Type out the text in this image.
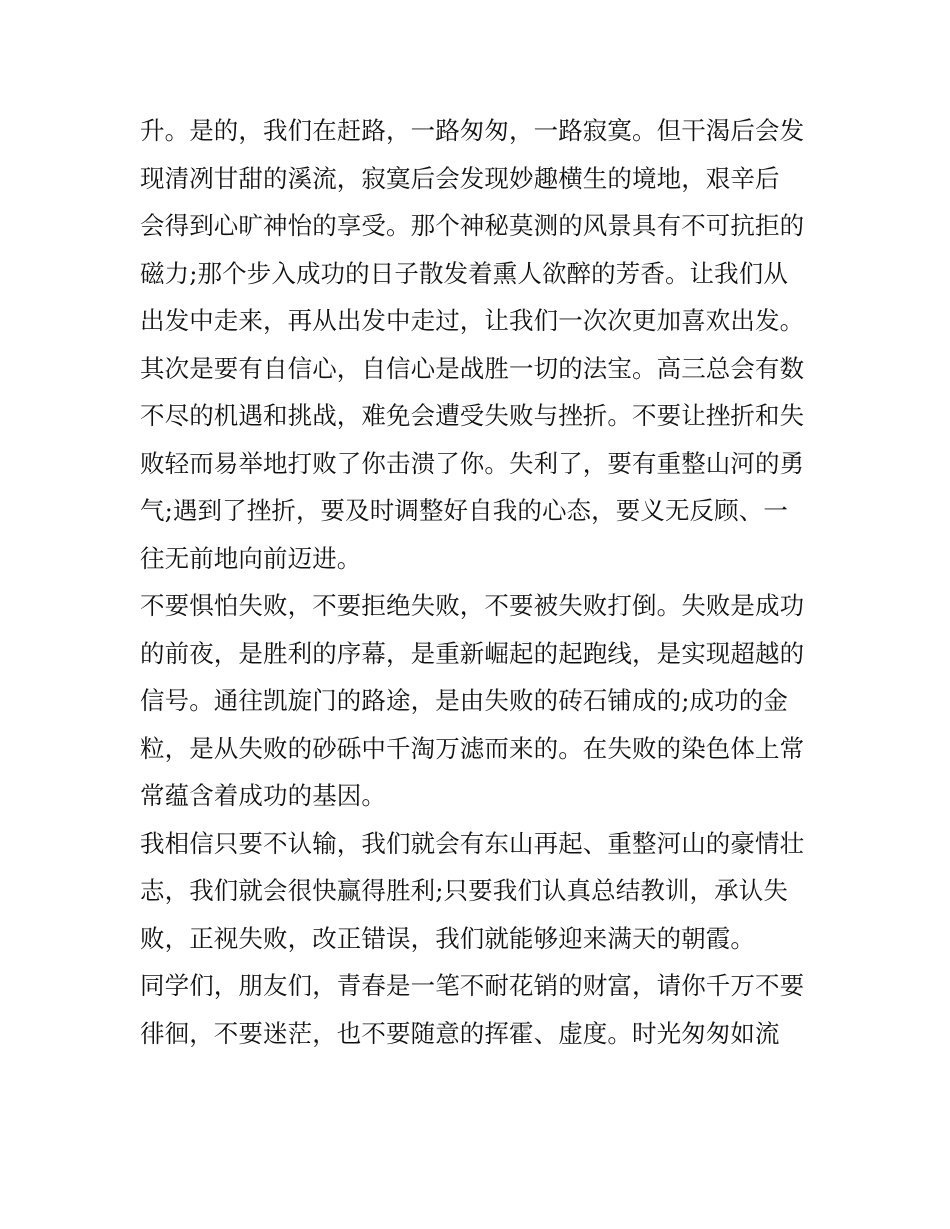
升。是的，我们在赶路，一路匆匆，一路寂寞。但干渴后会发
现清冽甘甜的溪流，寂寞后会发现妙趣横生的境地，艰辛后
会得到心旷神怡的享受。那个神秘莫测的风景具有不可抗拒的
磁力;那个步入成功的日子散发着熏人欲醉的芳香。让我们从
出发中走来，再从出发中走过，让我们一次次更加喜欢出发。
其次是要有自信心，自信心是战胜一切的法宝。高三总会有数
不尽的机遇和挑战，难免会遭受失败与挫折。不要让挫折和失
败轻而易举地打败了你击溃了你。失利了，要有重整山河的勇
气;遇到了挫折，要及时调整好自我的心态，要义无反顾、一
往无前地向前迈进。
不要惧怕失败，不要拒绝失败，不要被失败打倒。失败是成功
的前夜，是胜利的序幕，是重新崛起的起跑线，是实现超越的
信号。通往凯旋门的路途，是由失败的砖石铺成的;成功的金
粒，是从失败的砂砾中千淘万滤而来的。在失败的染色体上常
常蕴含着成功的基因。
我相信只要不认输，我们就会有东山再起、重整河山的豪情壮
志，我们就会很快赢得胜利;只要我们认真总结教训，承认失
败，正视失败，改正错误，我们就能够迎来满天的朝霞。
同学们，朋友们，青春是一笔不耐花销的财富，请你千万不要
徘徊，不要迷茫，也不要随意的挥霍、虚度。时光匆匆如流
